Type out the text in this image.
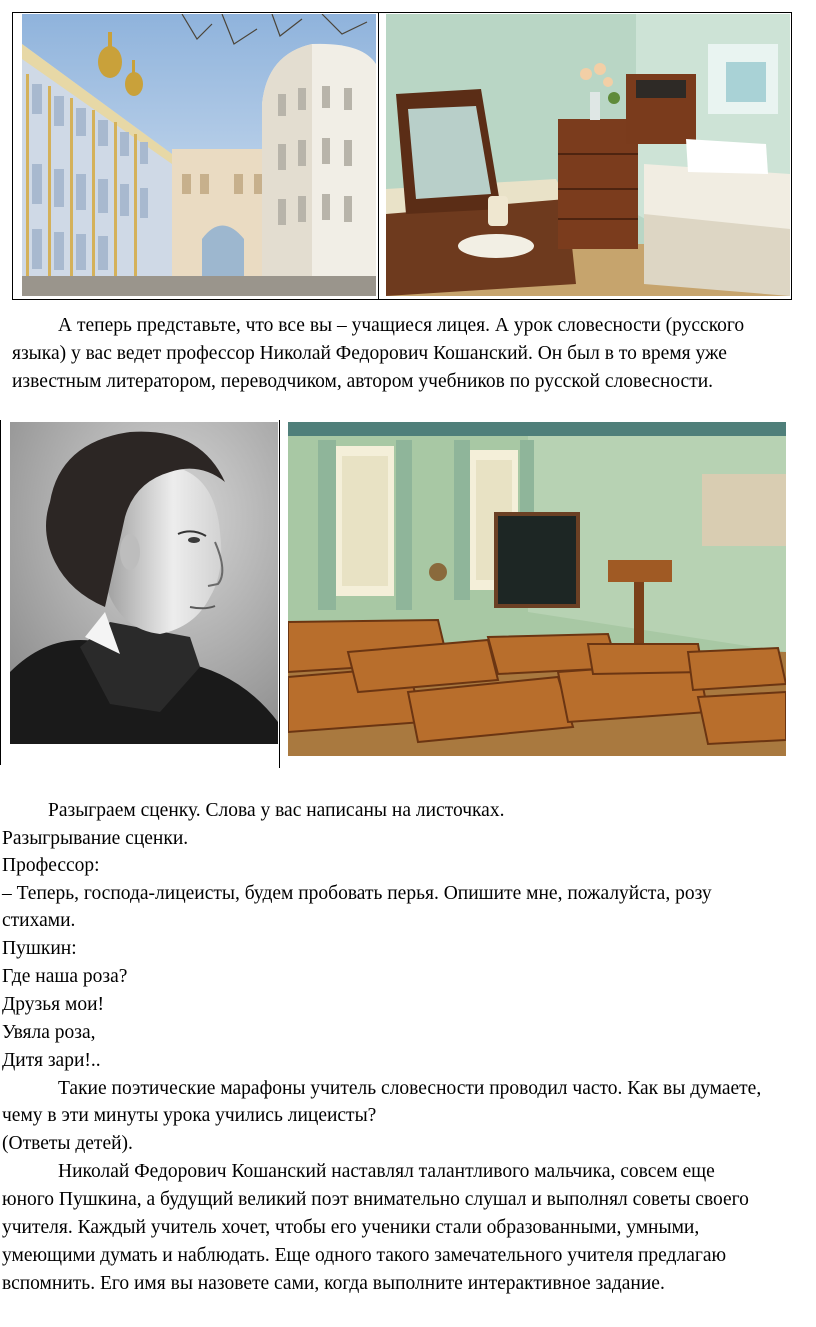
А теперь представьте, что все вы – учащиеся лицея. А урок словесности (русского
языка) у вас ведет профессор Николай Федорович Кошанский. Он был в то время уже
известным литератором, переводчиком, автором учебников по русской словесности.
Разыграем сценку. Слова у вас написаны на листочках.
Разыгрывание сценки.
Профессор:
– Теперь, господа-лицеисты, будем пробовать перья. Опишите мне, пожалуйста, розу
стихами.
Пушкин:
Где наша роза?
Друзья мои!
Увяла роза,
Дитя зари!..
Такие поэтические марафоны учитель словесности проводил часто. Как вы думаете,
чему в эти минуты урока учились лицеисты?
(Ответы детей).
Николай Федорович Кошанский наставлял талантливого мальчика, совсем еще
юного Пушкина, а будущий великий поэт внимательно слушал и выполнял советы своего
учителя. Каждый учитель хочет, чтобы его ученики стали образованными, умными,
умеющими думать и наблюдать. Еще одного такого замечательного учителя предлагаю
вспомнить. Его имя вы назовете сами, когда выполните интерактивное задание.
